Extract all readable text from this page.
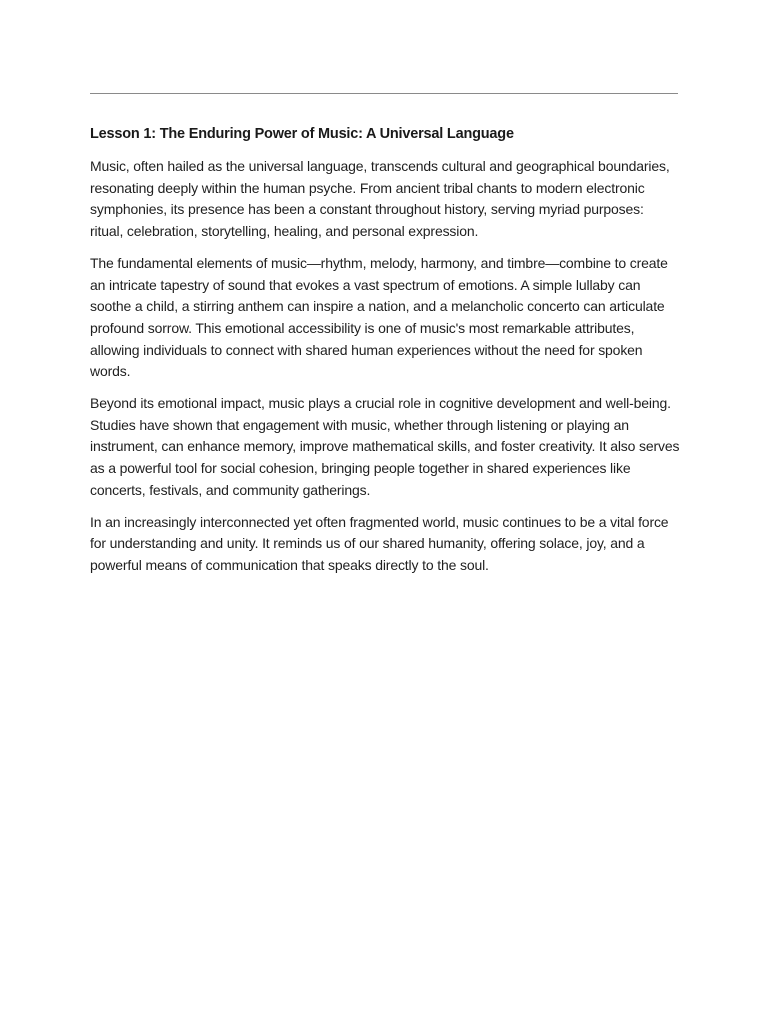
Lesson 1: The Enduring Power of Music: A Universal Language

Music, often hailed as the universal language, transcends cultural and geographical boundaries, resonating deeply within the human psyche. From ancient tribal chants to modern electronic symphonies, its presence has been a constant throughout history, serving myriad purposes: ritual, celebration, storytelling, healing, and personal expression.

The fundamental elements of music—rhythm, melody, harmony, and timbre—combine to create an intricate tapestry of sound that evokes a vast spectrum of emotions. A simple lullaby can soothe a child, a stirring anthem can inspire a nation, and a melancholic concerto can articulate profound sorrow. This emotional accessibility is one of music's most remarkable attributes, allowing individuals to connect with shared human experiences without the need for spoken words.

Beyond its emotional impact, music plays a crucial role in cognitive development and well-being. Studies have shown that engagement with music, whether through listening or playing an instrument, can enhance memory, improve mathematical skills, and foster creativity. It also serves as a powerful tool for social cohesion, bringing people together in shared experiences like concerts, festivals, and community gatherings.

In an increasingly interconnected yet often fragmented world, music continues to be a vital force for understanding and unity. It reminds us of our shared humanity, offering solace, joy, and a powerful means of communication that speaks directly to the soul.
